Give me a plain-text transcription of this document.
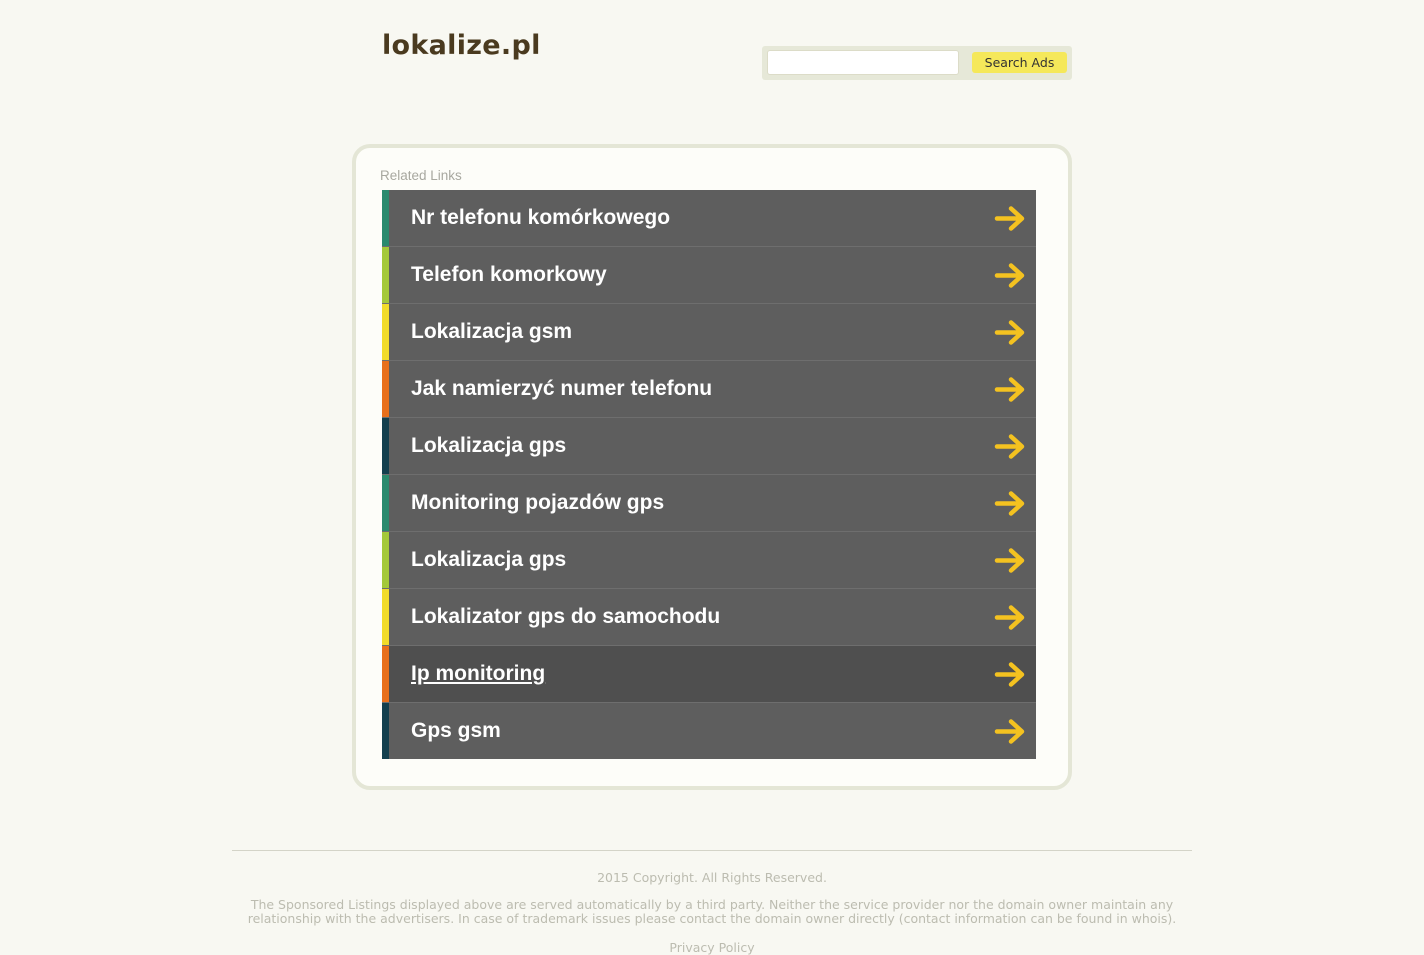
lokalize.pl
Search Ads
Related Links
Nr telefonu komórkowego
Telefon komorkowy
Lokalizacja gsm
Jak namierzyć numer telefonu
Lokalizacja gps
Monitoring pojazdów gps
Lokalizacja gps
Lokalizator gps do samochodu
Ip monitoring
Gps gsm
2015 Copyright. All Rights Reserved.
The Sponsored Listings displayed above are served automatically by a third party. Neither the service provider nor the domain owner maintain any relationship with the advertisers. In case of trademark issues please contact the domain owner directly (contact information can be found in whois).
Privacy Policy
